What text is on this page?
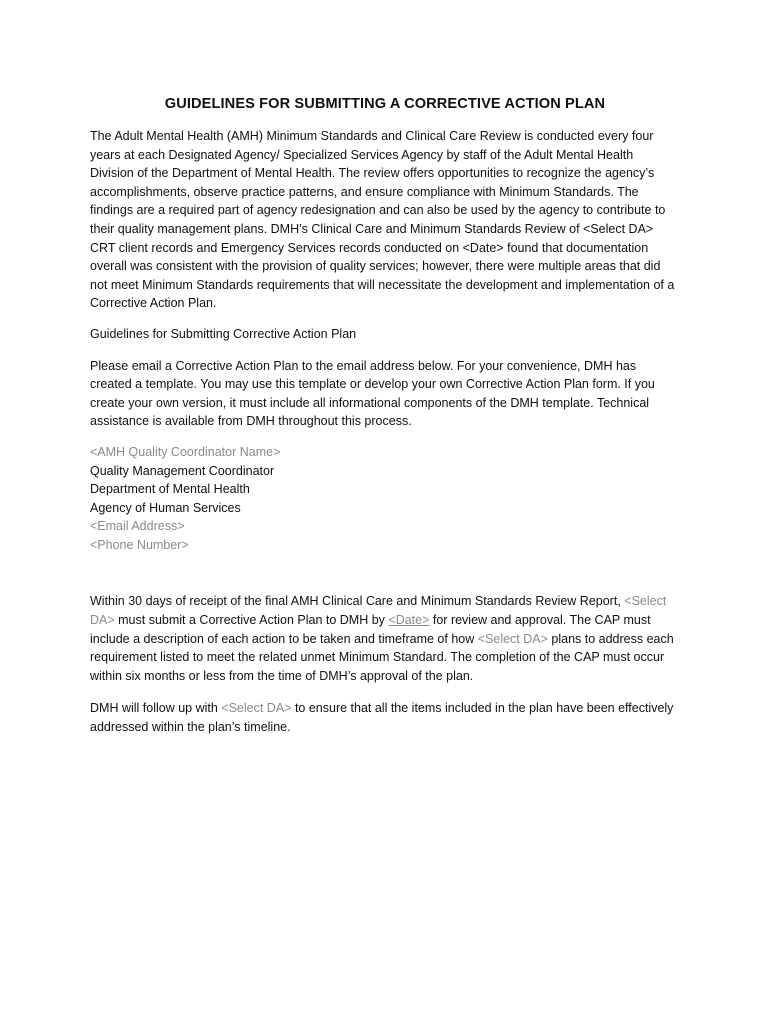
GUIDELINES FOR SUBMITTING A CORRECTIVE ACTION PLAN

The Adult Mental Health (AMH) Minimum Standards and Clinical Care Review is conducted every four years at each Designated Agency/ Specialized Services Agency by staff of the Adult Mental Health Division of the Department of Mental Health. The review offers opportunities to recognize the agency’s accomplishments, observe practice patterns, and ensure compliance with Minimum Standards. The findings are a required part of agency redesignation and can also be used by the agency to contribute to their quality management plans. DMH’s Clinical Care and Minimum Standards Review of <Select DA> CRT client records and Emergency Services records conducted on <Date> found that documentation overall was consistent with the provision of quality services; however, there were multiple areas that did not meet Minimum Standards requirements that will necessitate the development and implementation of a Corrective Action Plan.

Guidelines for Submitting Corrective Action Plan

Please email a Corrective Action Plan to the email address below. For your convenience, DMH has created a template. You may use this template or develop your own Corrective Action Plan form. If you create your own version, it must include all informational components of the DMH template. Technical assistance is available from DMH throughout this process.

<AMH Quality Coordinator Name>
Quality Management Coordinator
Department of Mental Health
Agency of Human Services
<Email Address>
<Phone Number>

Within 30 days of receipt of the final AMH Clinical Care and Minimum Standards Review Report, <Select DA> must submit a Corrective Action Plan to DMH by <Date> for review and approval. The CAP must include a description of each action to be taken and timeframe of how <Select DA> plans to address each requirement listed to meet the related unmet Minimum Standard. The completion of the CAP must occur within six months or less from the time of DMH’s approval of the plan.

DMH will follow up with <Select DA> to ensure that all the items included in the plan have been effectively addressed within the plan’s timeline.
